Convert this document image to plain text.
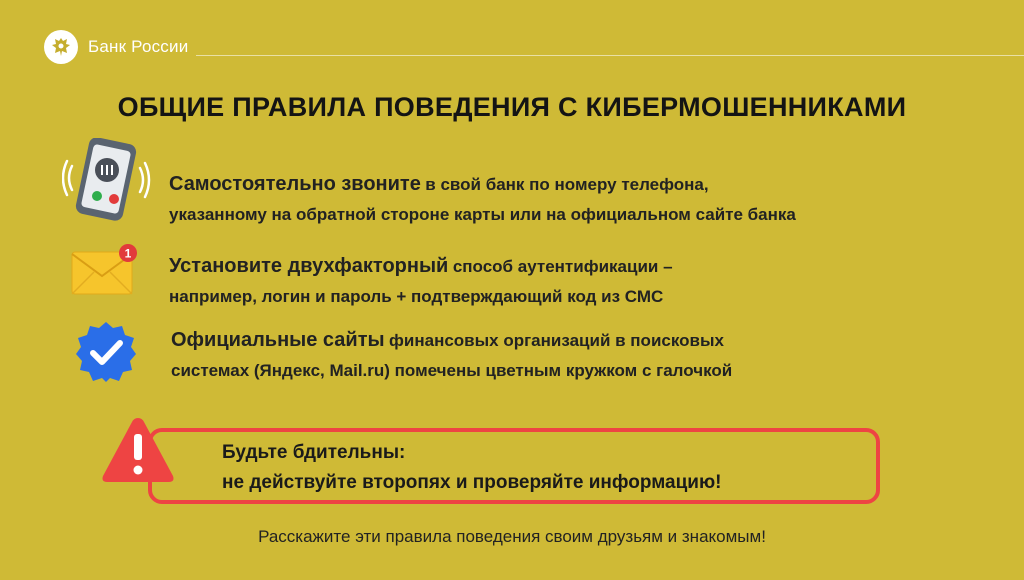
Банк России
ОБЩИЕ ПРАВИЛА ПОВЕДЕНИЯ С КИБЕРМОШЕННИКАМИ
Самостоятельно звоните в свой банк по номеру телефона,
указанному на обратной стороне карты или на официальном сайте банка
1
Установите двухфакторный способ аутентификации –
например, логин и пароль + подтверждающий код из СМС
Официальные сайты финансовых организаций в поисковых
системах (Яндекс, Mail.ru) помечены цветным кружком с галочкой
Будьте бдительны:
не действуйте второпях и проверяйте информацию!
Расскажите эти правила поведения своим друзьям и знакомым!
